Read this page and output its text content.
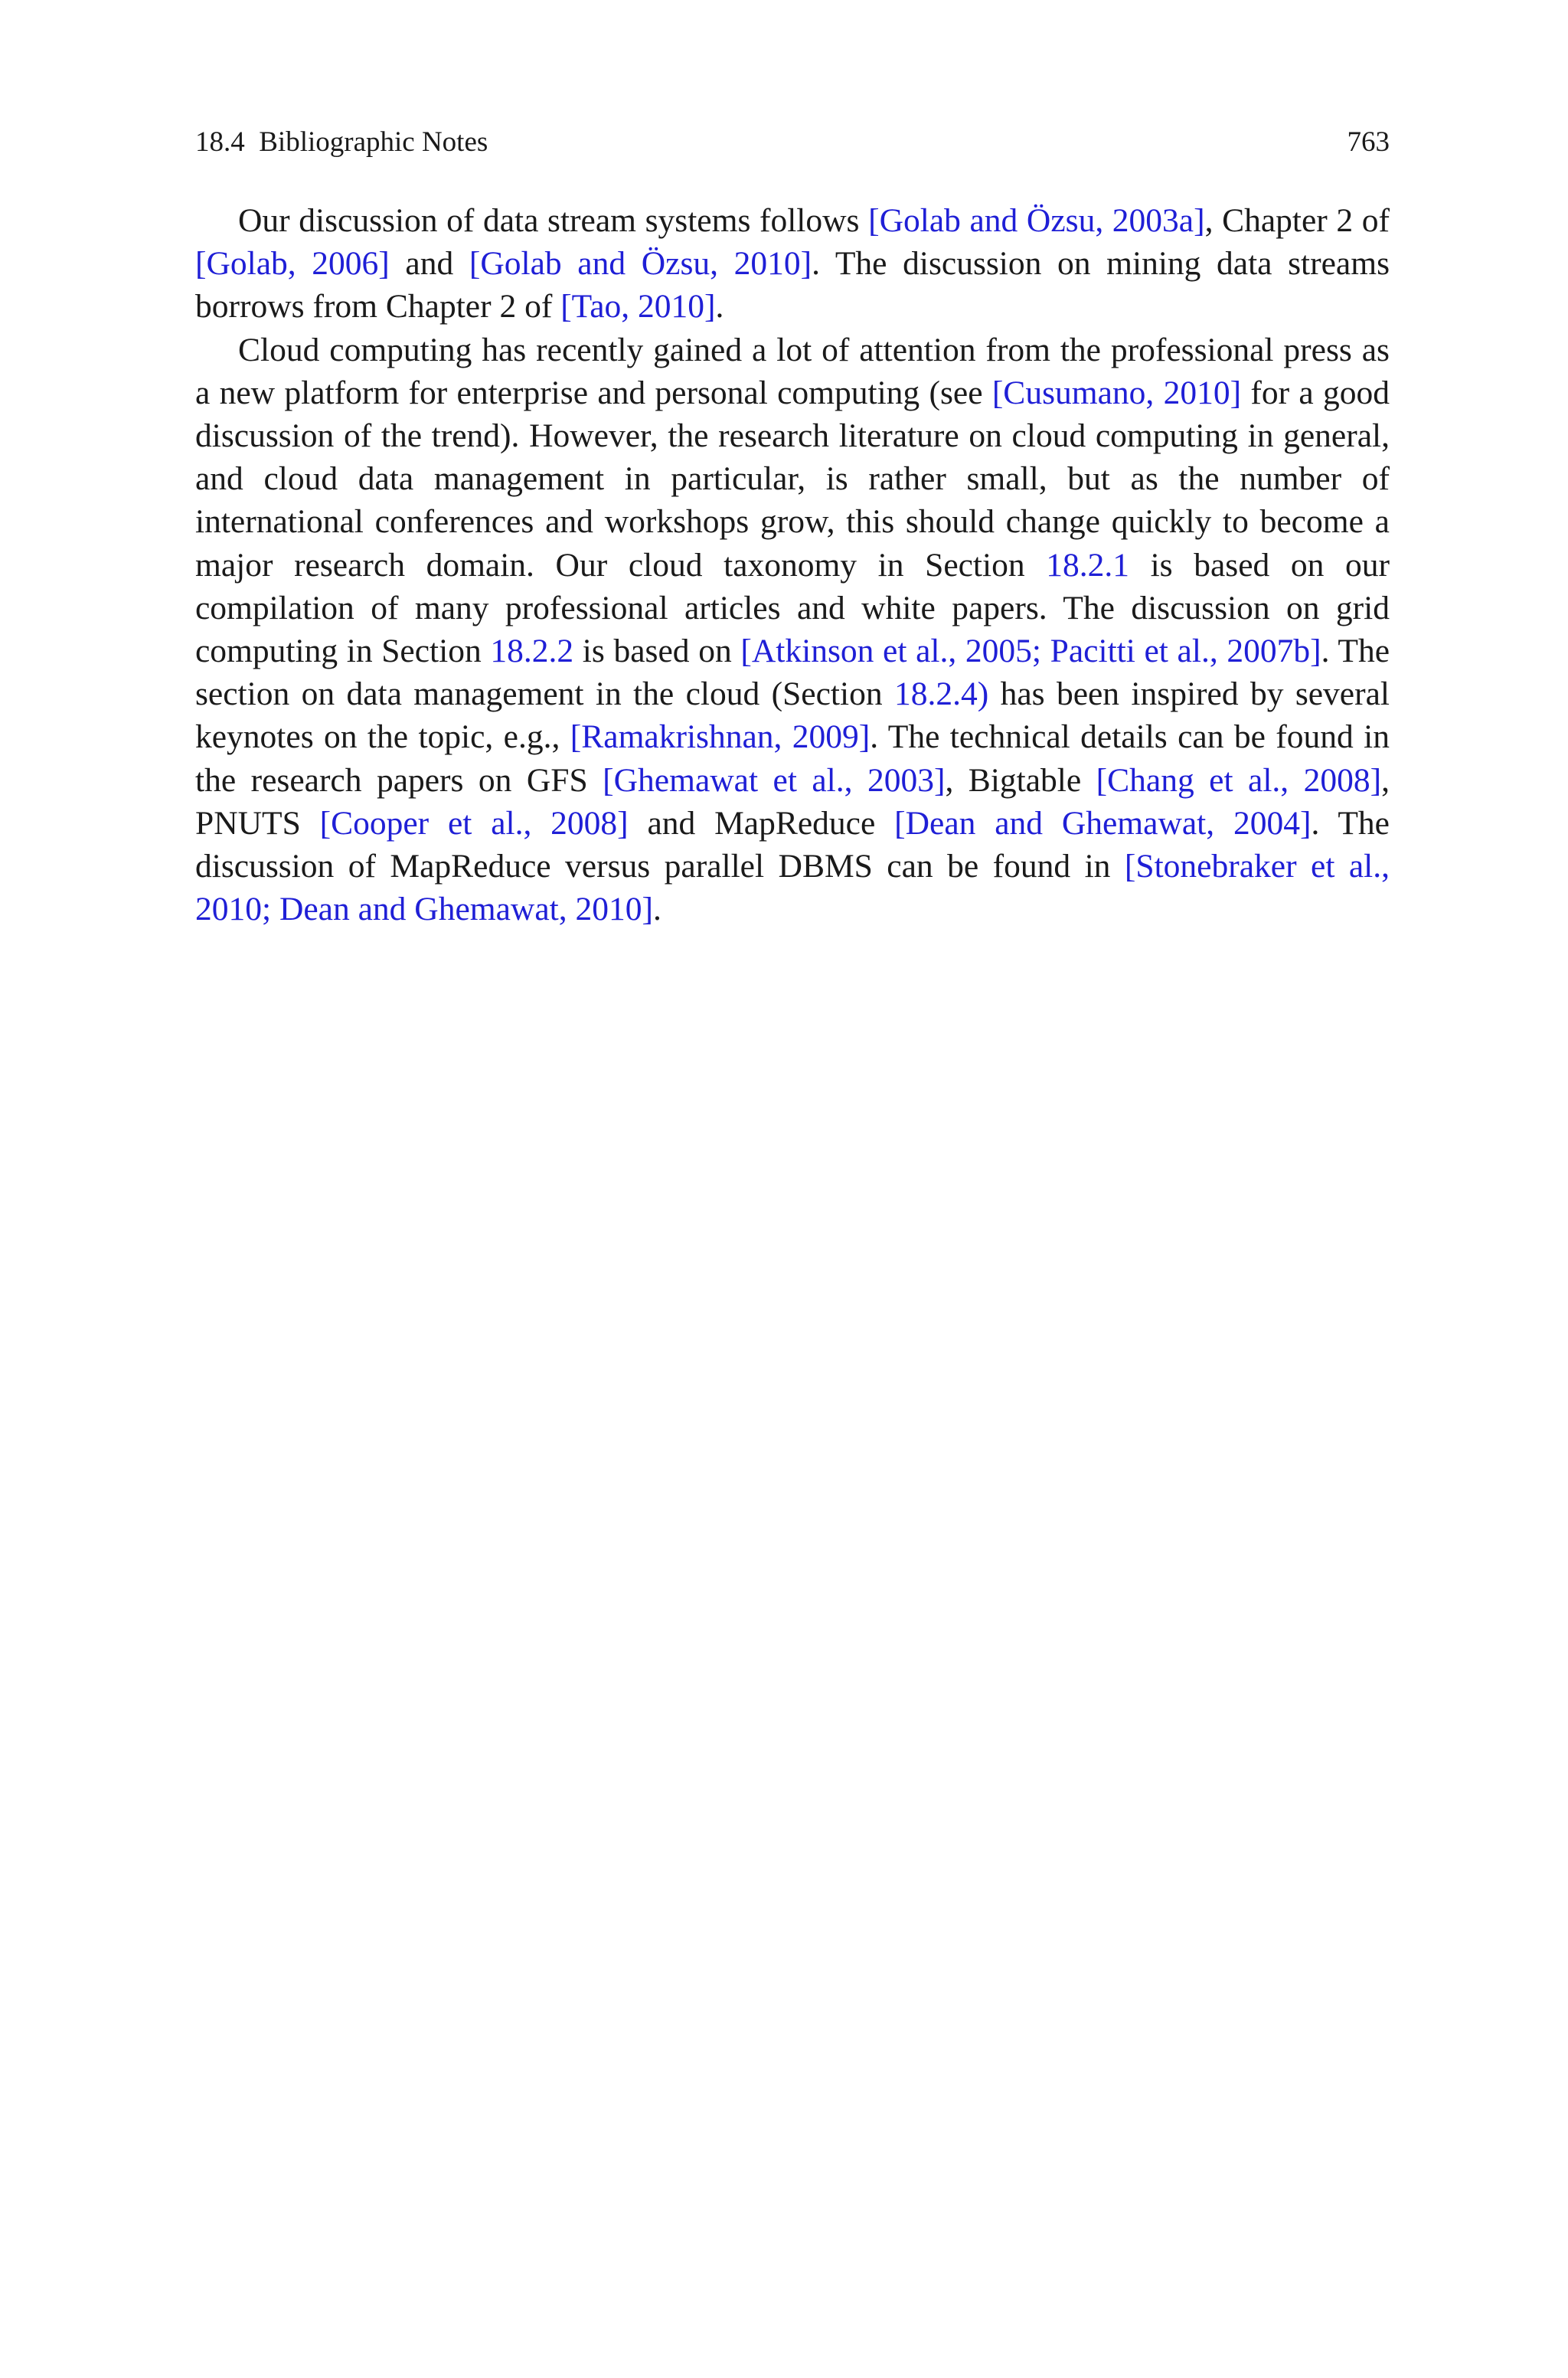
18.4  Bibliographic Notes	763

Our discussion of data stream systems follows [Golab and Özsu, 2003a], Chapter 2 of [Golab, 2006] and [Golab and Özsu, 2010]. The discussion on mining data streams borrows from Chapter 2 of [Tao, 2010].

Cloud computing has recently gained a lot of attention from the professional press as a new platform for enterprise and personal computing (see [Cusumano, 2010] for a good discussion of the trend). However, the research literature on cloud computing in general, and cloud data management in particular, is rather small, but as the number of international conferences and workshops grow, this should change quickly to become a major research domain. Our cloud taxonomy in Section 18.2.1 is based on our compilation of many professional articles and white papers. The discussion on grid computing in Section 18.2.2 is based on [Atkinson et al., 2005; Pacitti et al., 2007b]. The section on data management in the cloud (Section 18.2.4) has been inspired by several keynotes on the topic, e.g., [Ramakrishnan, 2009]. The technical details can be found in the research papers on GFS [Ghemawat et al., 2003], Bigtable [Chang et al., 2008], PNUTS [Cooper et al., 2008] and MapReduce [Dean and Ghemawat, 2004]. The discussion of MapReduce versus parallel DBMS can be found in [Stonebraker et al., 2010; Dean and Ghemawat, 2010].
